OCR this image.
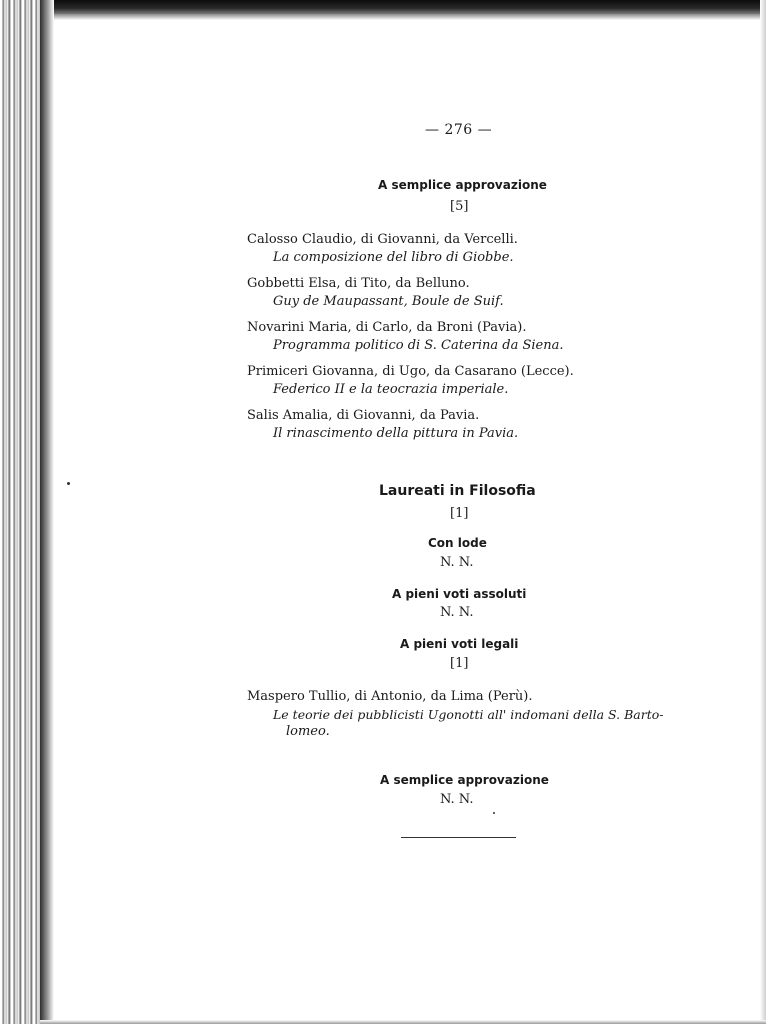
— 276 —
A semplice approvazione
[5]
Calosso Claudio, di Giovanni, da Vercelli.
La composizione del libro di Giobbe.
Gobbetti Elsa, di Tito, da Belluno.
Guy de Maupassant, Boule de Suif.
Novarini Maria, di Carlo, da Broni (Pavia).
Programma politico di S. Caterina da Siena.
Primiceri Giovanna, di Ugo, da Casarano (Lecce).
Federico II e la teocrazia imperiale.
Salis Amalia, di Giovanni, da Pavia.
Il rinascimento della pittura in Pavia.
Laureati in Filosofia
[1]
Con lode
N. N.
A pieni voti assoluti
N. N.
A pieni voti legali
[1]
Maspero Tullio, di Antonio, da Lima (Perù).
Le teorie dei pubblicisti Ugonotti all' indomani della S. Barto-
lomeo.
A semplice approvazione
N. N.
